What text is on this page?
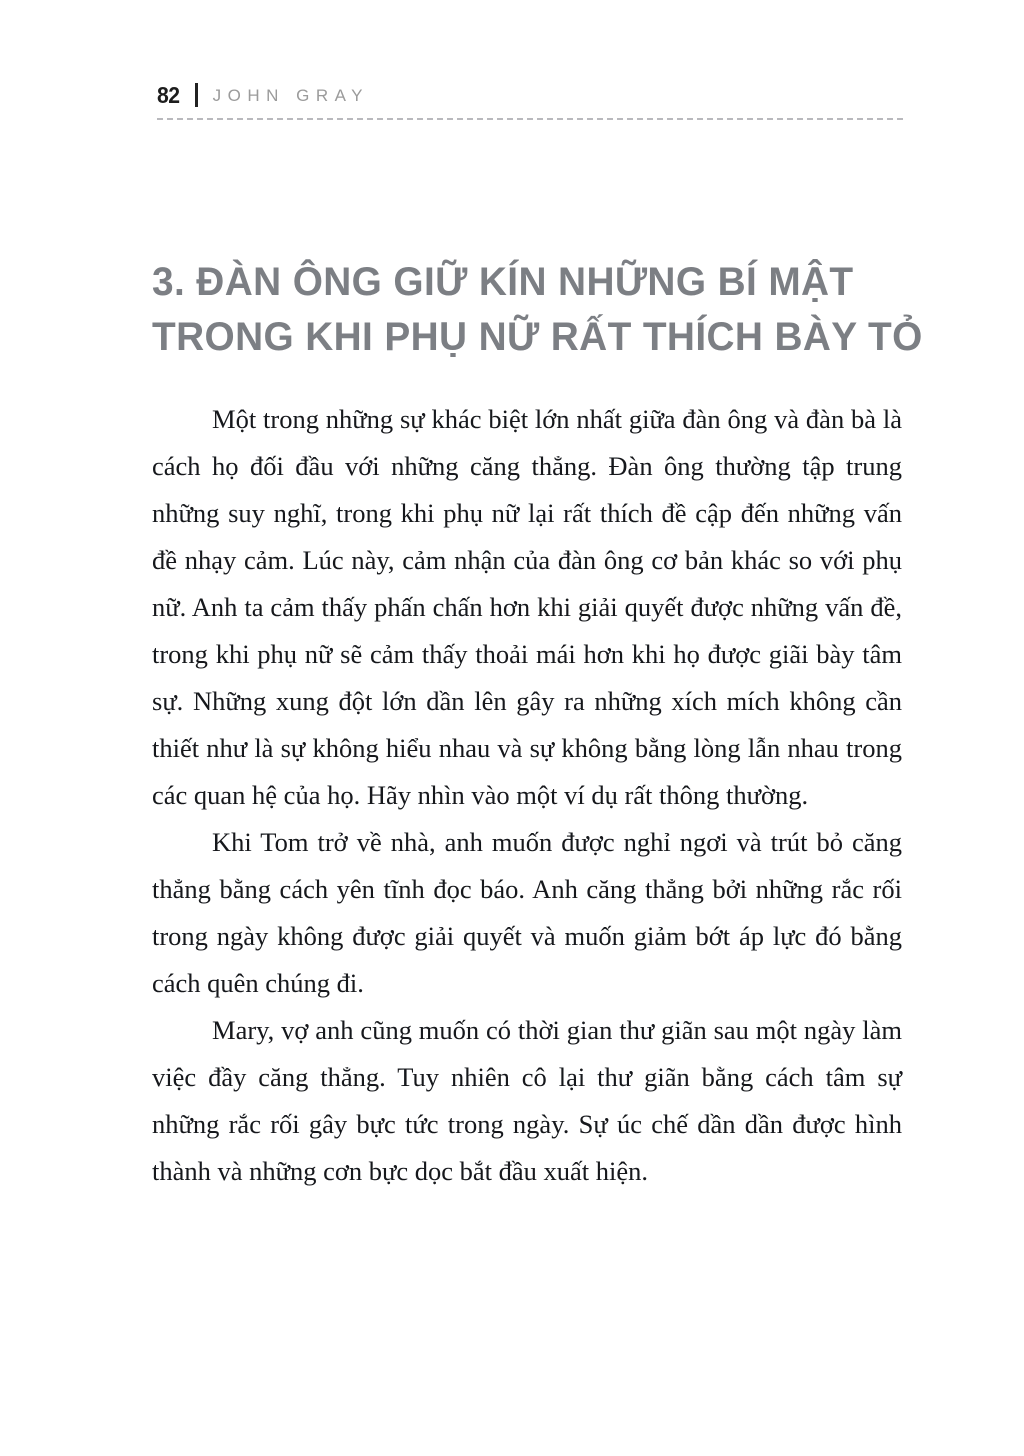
82 JOHN GRAY
3. ĐÀN ÔNG GIỮ KÍN NHỮNG BÍ MẬT
TRONG KHI PHỤ NỮ RẤT THÍCH BÀY TỎ

Một trong những sự khác biệt lớn nhất giữa đàn ông và đàn bà là cách họ đối đầu với những căng thẳng. Đàn ông thường tập trung những suy nghĩ, trong khi phụ nữ lại rất thích đề cập đến những vấn đề nhạy cảm. Lúc này, cảm nhận của đàn ông cơ bản khác so với phụ nữ. Anh ta cảm thấy phấn chấn hơn khi giải quyết được những vấn đề, trong khi phụ nữ sẽ cảm thấy thoải mái hơn khi họ được giãi bày tâm sự. Những xung đột lớn dần lên gây ra những xích mích không cần thiết như là sự không hiểu nhau và sự không bằng lòng lẫn nhau trong các quan hệ của họ. Hãy nhìn vào một ví dụ rất thông thường.

Khi Tom trở về nhà, anh muốn được nghỉ ngơi và trút bỏ căng thẳng bằng cách yên tĩnh đọc báo. Anh căng thẳng bởi những rắc rối trong ngày không được giải quyết và muốn giảm bớt áp lực đó bằng cách quên chúng đi.

Mary, vợ anh cũng muốn có thời gian thư giãn sau một ngày làm việc đầy căng thẳng. Tuy nhiên cô lại thư giãn bằng cách tâm sự những rắc rối gây bực tức trong ngày. Sự úc chế dần dần được hình thành và những cơn bực dọc bắt đầu xuất hiện.
